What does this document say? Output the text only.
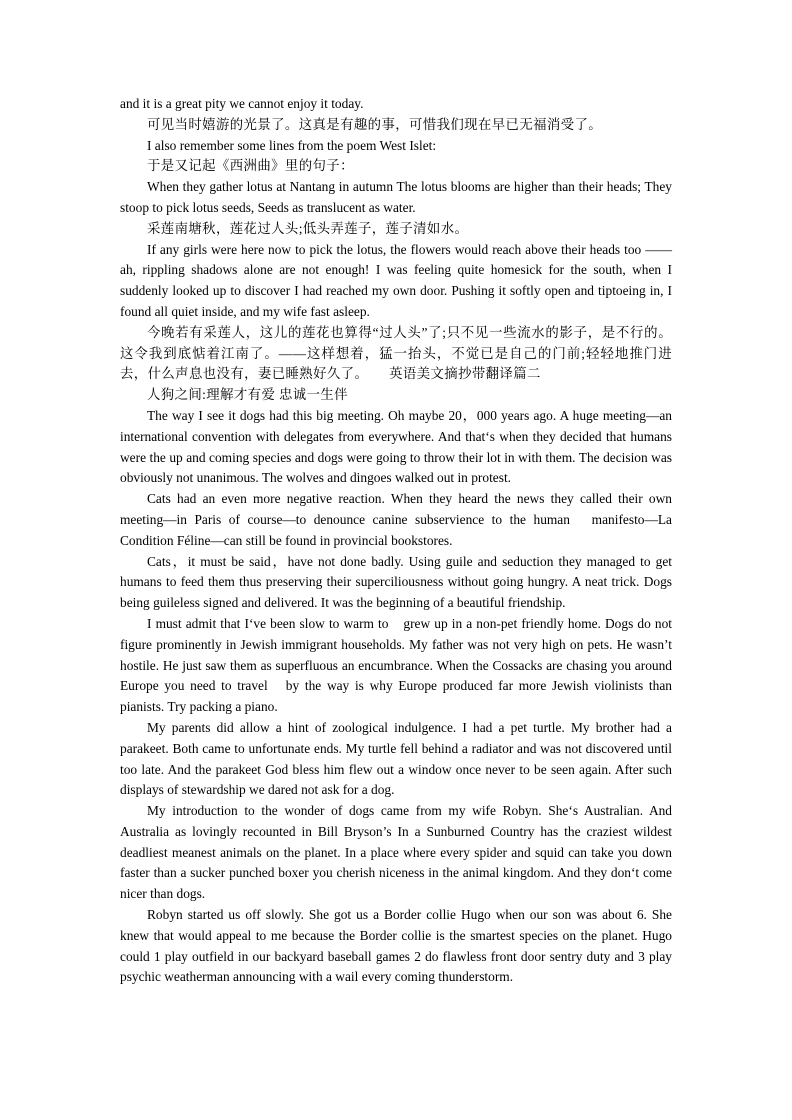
and it is a great pity we cannot enjoy it today.

可见当时嬉游的光景了。这真是有趣的事，可惜我们现在早已无福消受了。

I also remember some lines from the poem West Islet:

于是又记起《西洲曲》里的句子：

When they gather lotus at Nantang in autumn The lotus blooms are higher than their heads; They stoop to pick lotus seeds, Seeds as translucent as water.

采莲南塘秋，莲花过人头;低头弄莲子，莲子清如水。

If any girls were here now to pick the lotus, the flowers would reach above their heads too —— ah, rippling shadows alone are not enough! I was feeling quite homesick for the south, when I suddenly looked up to discover I had reached my own door. Pushing it softly open and tiptoeing in, I found all quiet inside, and my wife fast asleep.

今晚若有采莲人，这儿的莲花也算得“过人头”了;只不见一些流水的影子，是不行的。这令我到底惦着江南了。——这样想着，猛一抬头，不觉已是自己的门前;轻轻地推门进去，什么声息也没有，妻已睡熟好久了。　　英语美文摘抄带翻译篇二

人狗之间:理解才有爱 忠诚一生伴

The way I see it dogs had this big meeting. Oh maybe 20，000 years ago. A huge meeting—an international convention with delegates from everywhere. And that‘s when they decided that humans were the up and coming species and dogs were going to throw their lot in with them. The decision was obviously not unanimous. The wolves and dingoes walked out in protest.

Cats had an even more negative reaction. When they heard the news they called their own meeting—in Paris of course—to denounce canine subservience to the human　manifesto—La Condition Féline—can still be found in provincial bookstores.

Cats，it must be said，have not done badly. Using guile and seduction they managed to get humans to feed them thus preserving their superciliousness without going hungry. A neat trick. Dogs being guileless signed and delivered. It was the beginning of a beautiful friendship.

I must admit that I‘ve been slow to warm to　grew up in a non-pet friendly home. Dogs do not figure prominently in Jewish immigrant households. My father was not very high on pets. He wasn’t hostile. He just saw them as superfluous an encumbrance. When the Cossacks are chasing you around Europe you need to travel　by the way is why Europe produced far more Jewish violinists than pianists. Try packing a piano.

My parents did allow a hint of zoological indulgence. I had a pet turtle. My brother had a parakeet. Both came to unfortunate ends. My turtle fell behind a radiator and was not discovered until too late. And the parakeet God bless him flew out a window once never to be seen again. After such displays of stewardship we dared not ask for a dog.

My introduction to the wonder of dogs came from my wife Robyn. She‘s Australian. And Australia as lovingly recounted in Bill Bryson’s In a Sunburned Country has the craziest wildest deadliest meanest animals on the planet. In a place where every spider and squid can take you down faster than a sucker punched boxer you cherish niceness in the animal kingdom. And they don‘t come nicer than dogs.

Robyn started us off slowly. She got us a Border collie Hugo when our son was about 6. She knew that would appeal to me because the Border collie is the smartest species on the planet. Hugo could 1 play outfield in our backyard baseball games 2 do flawless front door sentry duty and 3 play psychic weatherman announcing with a wail every coming thunderstorm.
